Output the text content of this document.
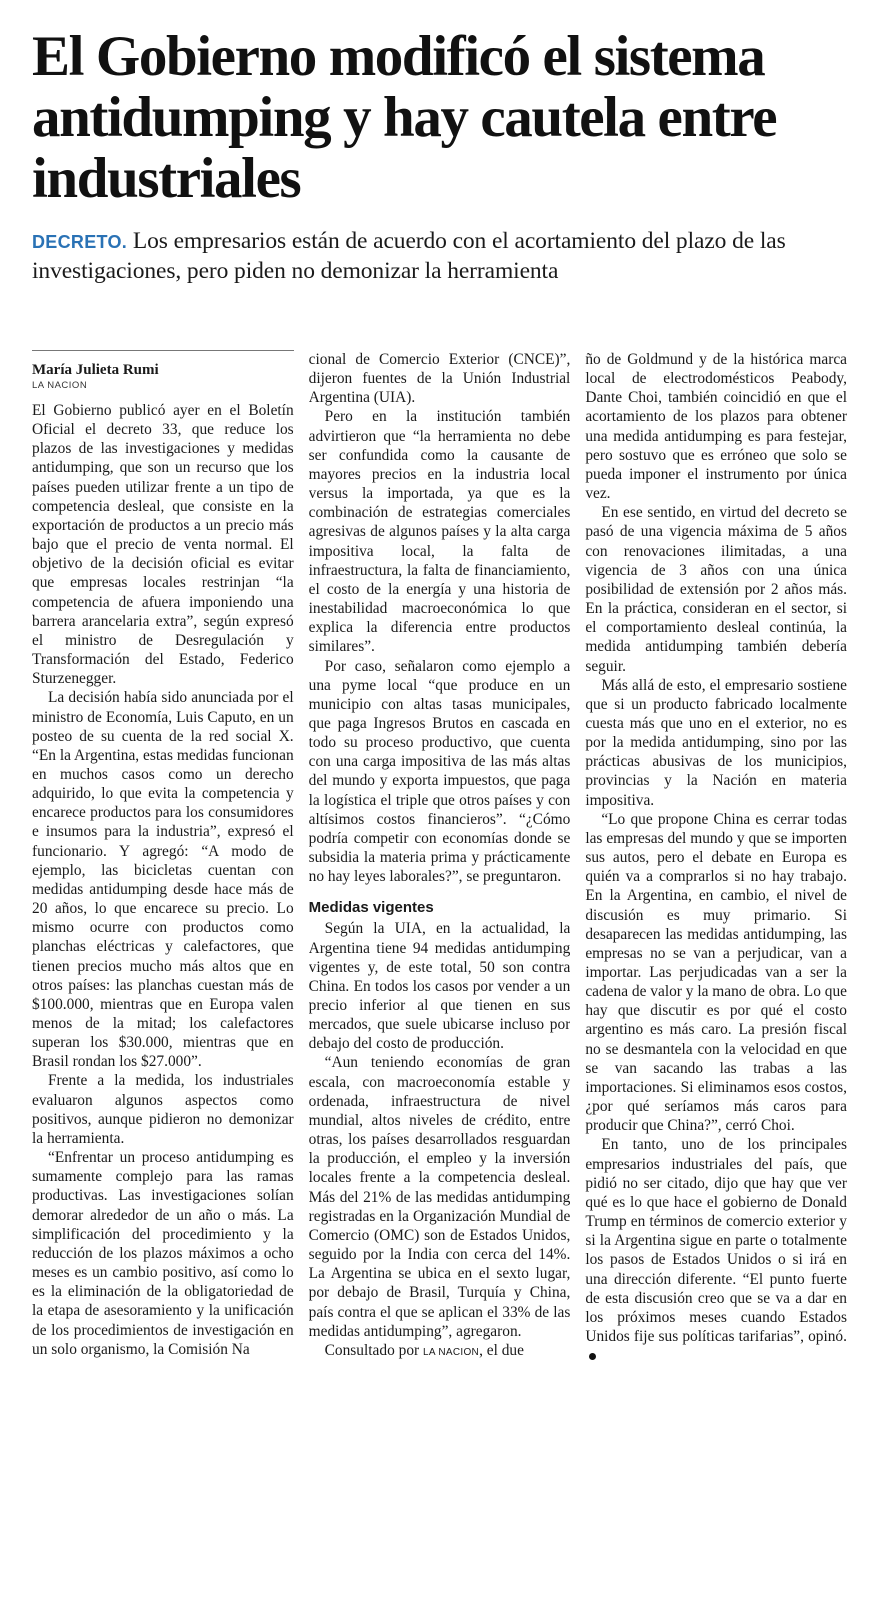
El Gobierno modificó el sistema antidumping y hay cautela entre industriales

DECRETO. Los empresarios están de acuerdo con el acortamiento del plazo de las investigaciones, pero piden no demonizar la herramienta

María Julieta Rumi
LA NACION

El Gobierno publicó ayer en el Boletín Oficial el decreto 33, que reduce los plazos de las investigaciones y medidas antidumping, que son un recurso que los países pueden utilizar frente a un tipo de competencia desleal, que consiste en la exportación de productos a un precio más bajo que el precio de venta normal. El objetivo de la decisión oficial es evitar que empresas locales restrinjan “la competencia de afuera imponiendo una barrera arancelaria extra”, según expresó el ministro de Desregulación y Transformación del Estado, Federico Sturzenegger.

La decisión había sido anunciada por el ministro de Economía, Luis Caputo, en un posteo de su cuenta de la red social X. “En la Argentina, estas medidas funcionan en muchos casos como un derecho adquirido, lo que evita la competencia y encarece productos para los consumidores e insumos para la industria”, expresó el funcionario. Y agregó: “A modo de ejemplo, las bicicletas cuentan con medidas antidumping desde hace más de 20 años, lo que encarece su precio. Lo mismo ocurre con productos como planchas eléctricas y calefactores, que tienen precios mucho más altos que en otros países: las planchas cuestan más de $100.000, mientras que en Europa valen menos de la mitad; los calefactores superan los $30.000, mientras que en Brasil rondan los $27.000”.

Frente a la medida, los industriales evaluaron algunos aspectos como positivos, aunque pidieron no demonizar la herramienta.

“Enfrentar un proceso antidumping es sumamente complejo para las ramas productivas. Las investigaciones solían demorar alrededor de un año o más. La simplificación del procedimiento y la reducción de los plazos máximos a ocho meses es un cambio positivo, así como lo es la eliminación de la obligatoriedad de la etapa de asesoramiento y la unificación de los procedimientos de investigación en un solo organismo, la Comisión Na

cional de Comercio Exterior (CNCE)”, dijeron fuentes de la Unión Industrial Argentina (UIA).

Pero en la institución también advirtieron que “la herramienta no debe ser confundida como la causante de mayores precios en la industria local versus la importada, ya que es la combinación de estrategias comerciales agresivas de algunos países y la alta carga impositiva local, la falta de infraestructura, la falta de financiamiento, el costo de la energía y una historia de inestabilidad macroeconómica lo que explica la diferencia entre productos similares”.

Por caso, señalaron como ejemplo a una pyme local “que produce en un municipio con altas tasas municipales, que paga Ingresos Brutos en cascada en todo su proceso productivo, que cuenta con una carga impositiva de las más altas del mundo y exporta impuestos, que paga la logística el triple que otros países y con altísimos costos financieros”. “¿Cómo podría competir con economías donde se subsidia la materia prima y prácticamente no hay leyes laborales?”, se preguntaron.

Medidas vigentes

Según la UIA, en la actualidad, la Argentina tiene 94 medidas antidumping vigentes y, de este total, 50 son contra China. En todos los casos por vender a un precio inferior al que tienen en sus mercados, que suele ubicarse incluso por debajo del costo de producción.

“Aun teniendo economías de gran escala, con macroeconomía estable y ordenada, infraestructura de nivel mundial, altos niveles de crédito, entre otras, los países desarrollados resguardan la producción, el empleo y la inversión locales frente a la competencia desleal. Más del 21% de las medidas antidumping registradas en la Organización Mundial de Comercio (OMC) son de Estados Unidos, seguido por la India con cerca del 14%. La Argentina se ubica en el sexto lugar, por debajo de Brasil, Turquía y China, país contra el que se aplican el 33% de las medidas antidumping”, agregaron.

Consultado por LA NACION, el due

ño de Goldmund y de la histórica marca local de electrodomésticos Peabody, Dante Choi, también coincidió en que el acortamiento de los plazos para obtener una medida antidumping es para festejar, pero sostuvo que es erróneo que solo se pueda imponer el instrumento por única vez.

En ese sentido, en virtud del decreto se pasó de una vigencia máxima de 5 años con renovaciones ilimitadas, a una vigencia de 3 años con una única posibilidad de extensión por 2 años más. En la práctica, consideran en el sector, si el comportamiento desleal continúa, la medida antidumping también debería seguir.

Más allá de esto, el empresario sostiene que si un producto fabricado localmente cuesta más que uno en el exterior, no es por la medida antidumping, sino por las prácticas abusivas de los municipios, provincias y la Nación en materia impositiva.

“Lo que propone China es cerrar todas las empresas del mundo y que se importen sus autos, pero el debate en Europa es quién va a comprarlos si no hay trabajo. En la Argentina, en cambio, el nivel de discusión es muy primario. Si desaparecen las medidas antidumping, las empresas no se van a perjudicar, van a importar. Las perjudicadas van a ser la cadena de valor y la mano de obra. Lo que hay que discutir es por qué el costo argentino es más caro. La presión fiscal no se desmantela con la velocidad en que se van sacando las trabas a las importaciones. Si eliminamos esos costos, ¿por qué seríamos más caros para producir que China?”, cerró Choi.

En tanto, uno de los principales empresarios industriales del país, que pidió no ser citado, dijo que hay que ver qué es lo que hace el gobierno de Donald Trump en términos de comercio exterior y si la Argentina sigue en parte o totalmente los pasos de Estados Unidos o si irá en una dirección diferente. “El punto fuerte de esta discusión creo que se va a dar en los próximos meses cuando Estados Unidos fije sus políticas tarifarias”, opinó.
